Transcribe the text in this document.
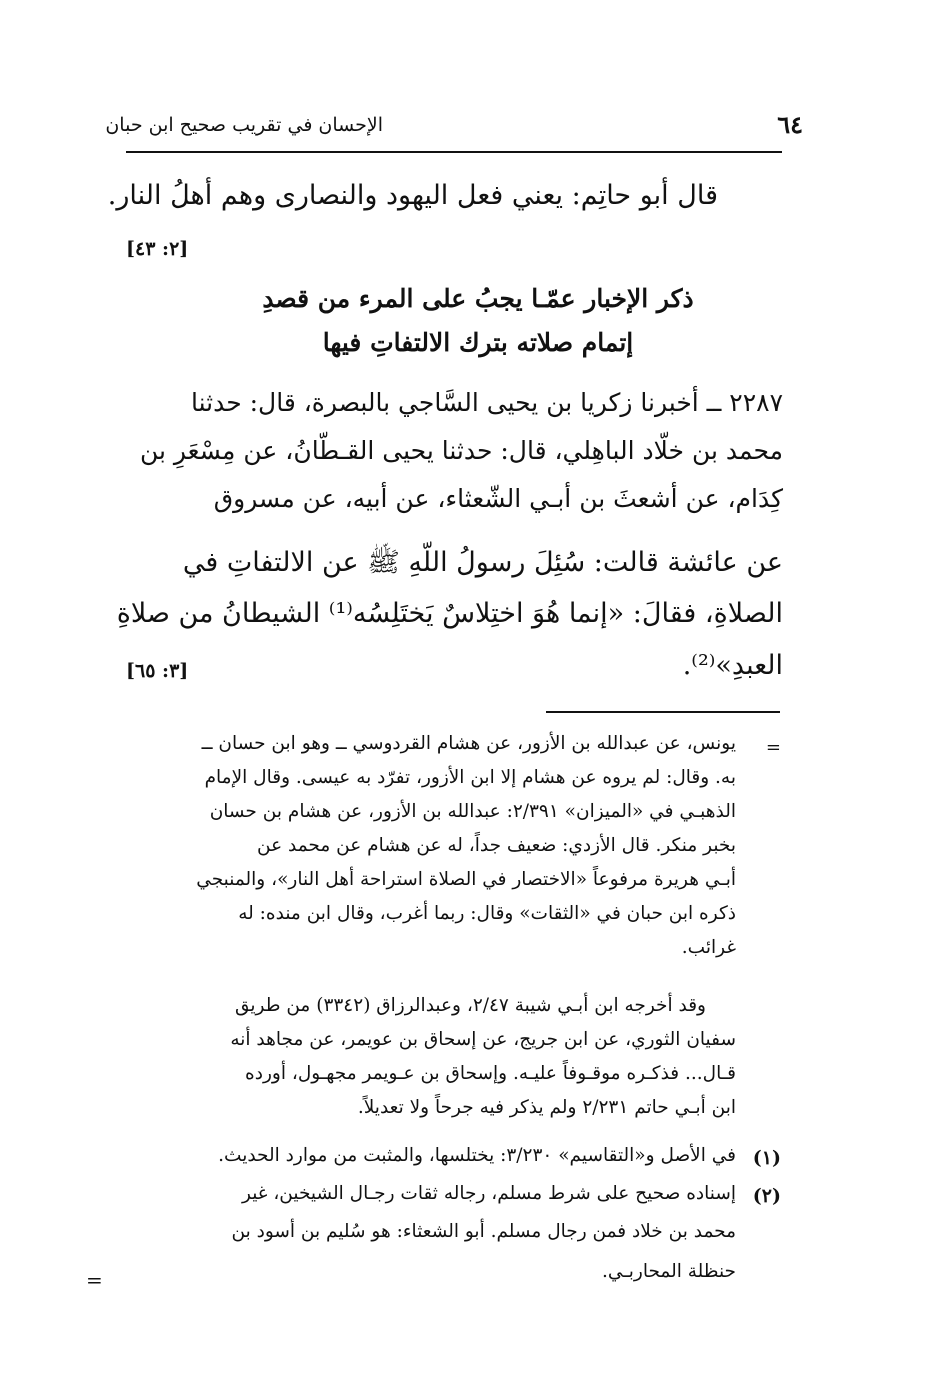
الإحسان في تقريب صحيح ابن حبان	٦٤
قال أبو حاتِم: يعني فعل اليهود والنصارى وهم أهلُ النار.
[٢: ٤٣]
ذكر الإخبار عمّـا يجبُ على المرء من قصدِ
إتمام صلاته بترك الالتفاتِ فيها
٢٢٨٧ ــ أخبرنا زكريا بن يحيى السَّاجي بالبصرة، قال: حدثنا
محمد بن خلّاد الباهِلي، قال: حدثنا يحيى القـطّانُ، عن مِسْعَرِ بن
كِدَام، عن أشعثَ بن أبـي الشّعثاء، عن أبيه، عن مسروق
عن عائشة قالت: سُئِلَ رسولُ اللّهِ ﷺ عن الالتفاتِ في
الصلاةِ، فقالَ: «إنما هُوَ اختِلاسٌ يَختَلِسُه⁽¹⁾ الشيطانُ من صلاةِ
العبدِ»⁽²⁾.
[٣: ٦٥]
=
يونس، عن عبدالله بن الأزور، عن هشام القردوسي ــ وهو ابن حسان ــ
به. وقال: لم يروه عن هشام إلا ابن الأزور، تفرّد به عيسى. وقال الإمام
الذهبـي في «الميزان» ٢/٣٩١: عبدالله بن الأزور، عن هشام بن حسان
بخبر منكر. قال الأزدي: ضعيف جداً، له عن هشام عن محمد عن
أبـي هريرة مرفوعاً «الاختصار في الصلاة استراحة أهل النار»، والمنبجي
ذكره ابن حبان في «الثقات» وقال: ربما أغرب، وقال ابن منده: له
غرائب.
وقد أخرجه ابن أبـي شيبة ٢/٤٧، وعبدالرزاق (٣٣٤٢) من طريق
سفيان الثوري، عن ابن جريج، عن إسحاق بن عويمر، عن مجاهد أنه
قـال... فذكـره موقـوفاً عليـه. وإسحاق بن عـويمر مجهـول، أورده
ابن أبـي حاتم ٢/٢٣١ ولم يذكر فيه جرحاً ولا تعديلاً.
(١)
في الأصل و«التقاسيم» ٣/٢٣٠: يختلسها، والمثبت من موارد الحديث.
(٢)
إسناده صحيح على شرط مسلم، رجاله ثقات رجـال الشيخين، غير
محمد بن خلاد فمن رجال مسلم. أبو الشعثاء: هو سُليم بن أسود بن
حنظلة المحاربـي.
=
